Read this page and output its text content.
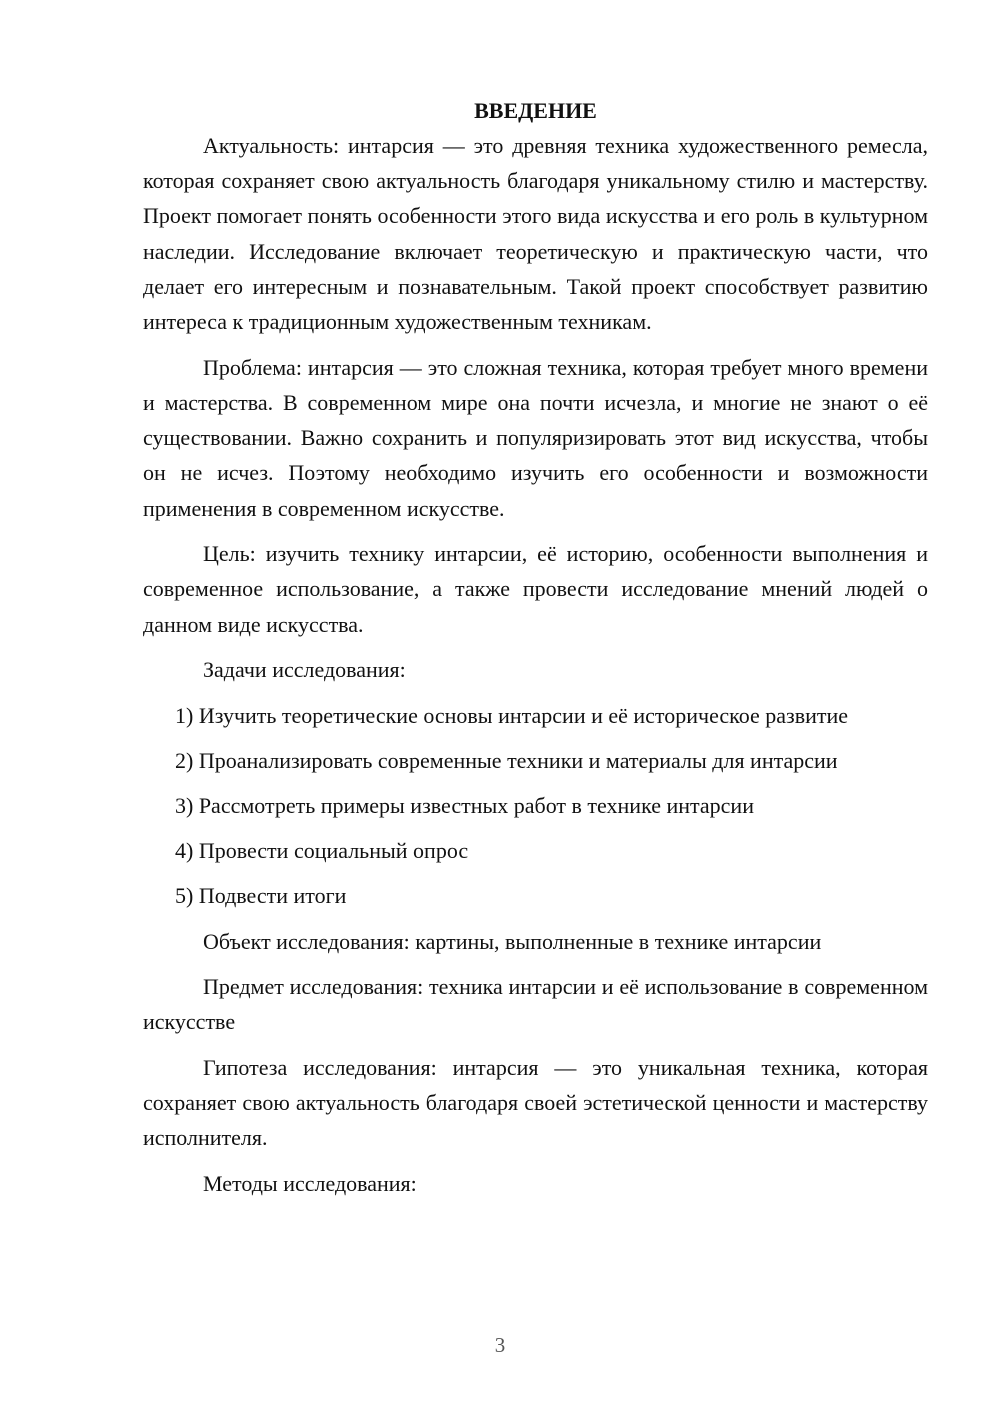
ВВЕДЕНИЕ

Актуальность: интарсия — это древняя техника художественного ремесла, которая сохраняет свою актуальность благодаря уникальному стилю и мастерству. Проект помогает понять особенности этого вида искусства и его роль в культурном наследии. Исследование включает теоретическую и практическую части, что делает его интересным и познавательным. Такой проект способствует развитию интереса к традиционным художественным техникам.

Проблема: интарсия — это сложная техника, которая требует много времени и мастерства. В современном мире она почти исчезла, и многие не знают о её существовании. Важно сохранить и популяризировать этот вид искусства, чтобы он не исчез. Поэтому необходимо изучить его особенности и возможности применения в современном искусстве.

Цель: изучить технику интарсии, её историю, особенности выполнения и современное использование, а также провести исследование мнений людей о данном виде искусства.

Задачи исследования:

1) Изучить теоретические основы интарсии и её историческое развитие
2) Проанализировать современные техники и материалы для интарсии
3) Рассмотреть примеры известных работ в технике интарсии
4) Провести социальный опрос
5) Подвести итоги

Объект исследования: картины, выполненные в технике интарсии

Предмет исследования: техника интарсии и её использование в современном искусстве

Гипотеза исследования: интарсия — это уникальная техника, которая сохраняет свою актуальность благодаря своей эстетической ценности и мастерству исполнителя.

Методы исследования:

3
